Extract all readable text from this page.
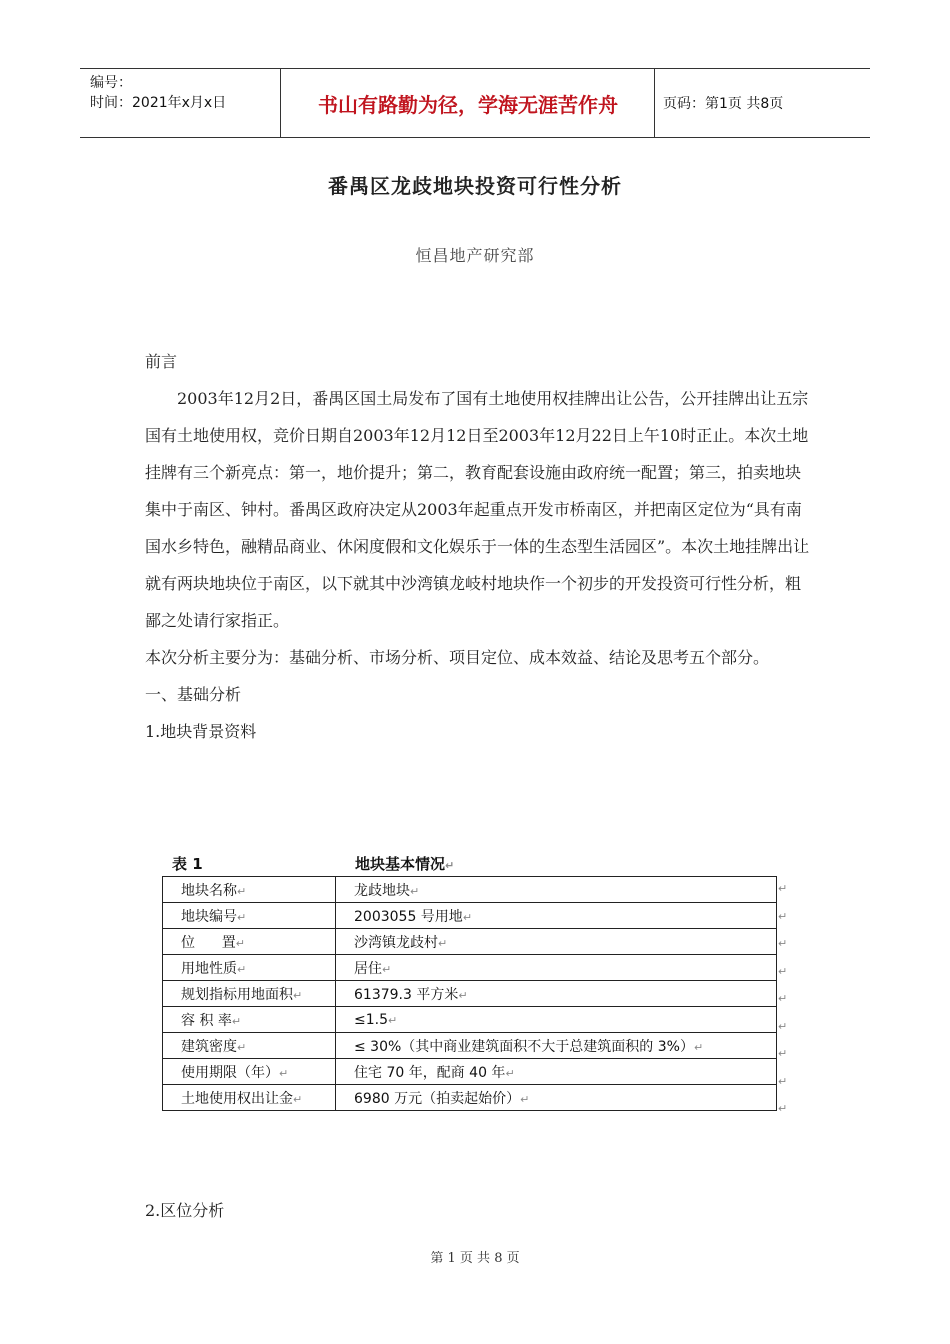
编号：
时间：2021年x月x日	书山有路勤为径，学海无涯苦作舟	页码：第1页 共8页
番禺区龙歧地块投资可行性分析
恒昌地产研究部

前言

2003年12月2日，番禺区国土局发布了国有土地使用权挂牌出让公告，公开挂牌出让五宗国有土地使用权，竞价日期自2003年12月12日至2003年12月22日上午10时正止。本次土地挂牌有三个新亮点：第一，地价提升；第二，教育配套设施由政府统一配置；第三，拍卖地块集中于南区、钟村。番禺区政府决定从2003年起重点开发市桥南区，并把南区定位为“具有南国水乡特色，融精品商业、休闲度假和文化娱乐于一体的生态型生活园区”。本次土地挂牌出让就有两块地块位于南区，以下就其中沙湾镇龙岐村地块作一个初步的开发投资可行性分析，粗鄙之处请行家指正。

本次分析主要分为：基础分析、市场分析、项目定位、成本效益、结论及思考五个部分。

一、基础分析

1.地块背景资料

表 1	地块基本情况↵
地块名称↵	龙歧地块↵
地块编号↵	2003055 号用地↵
位      置↵	沙湾镇龙歧村↵
用地性质↵	居住↵
规划指标用地面积↵	61379.3 平方米↵
容 积 率↵	≤1.5↵
建筑密度↵	≤ 30%（其中商业建筑面积不大于总建筑面积的 3%）↵
使用期限（年）↵	住宅 70 年，配商 40 年↵
土地使用权出让金↵	6980 万元（拍卖起始价）↵
2.区位分析
第 1 页 共 8 页
↵
↵
↵
↵
↵
↵
↵
↵
↵
